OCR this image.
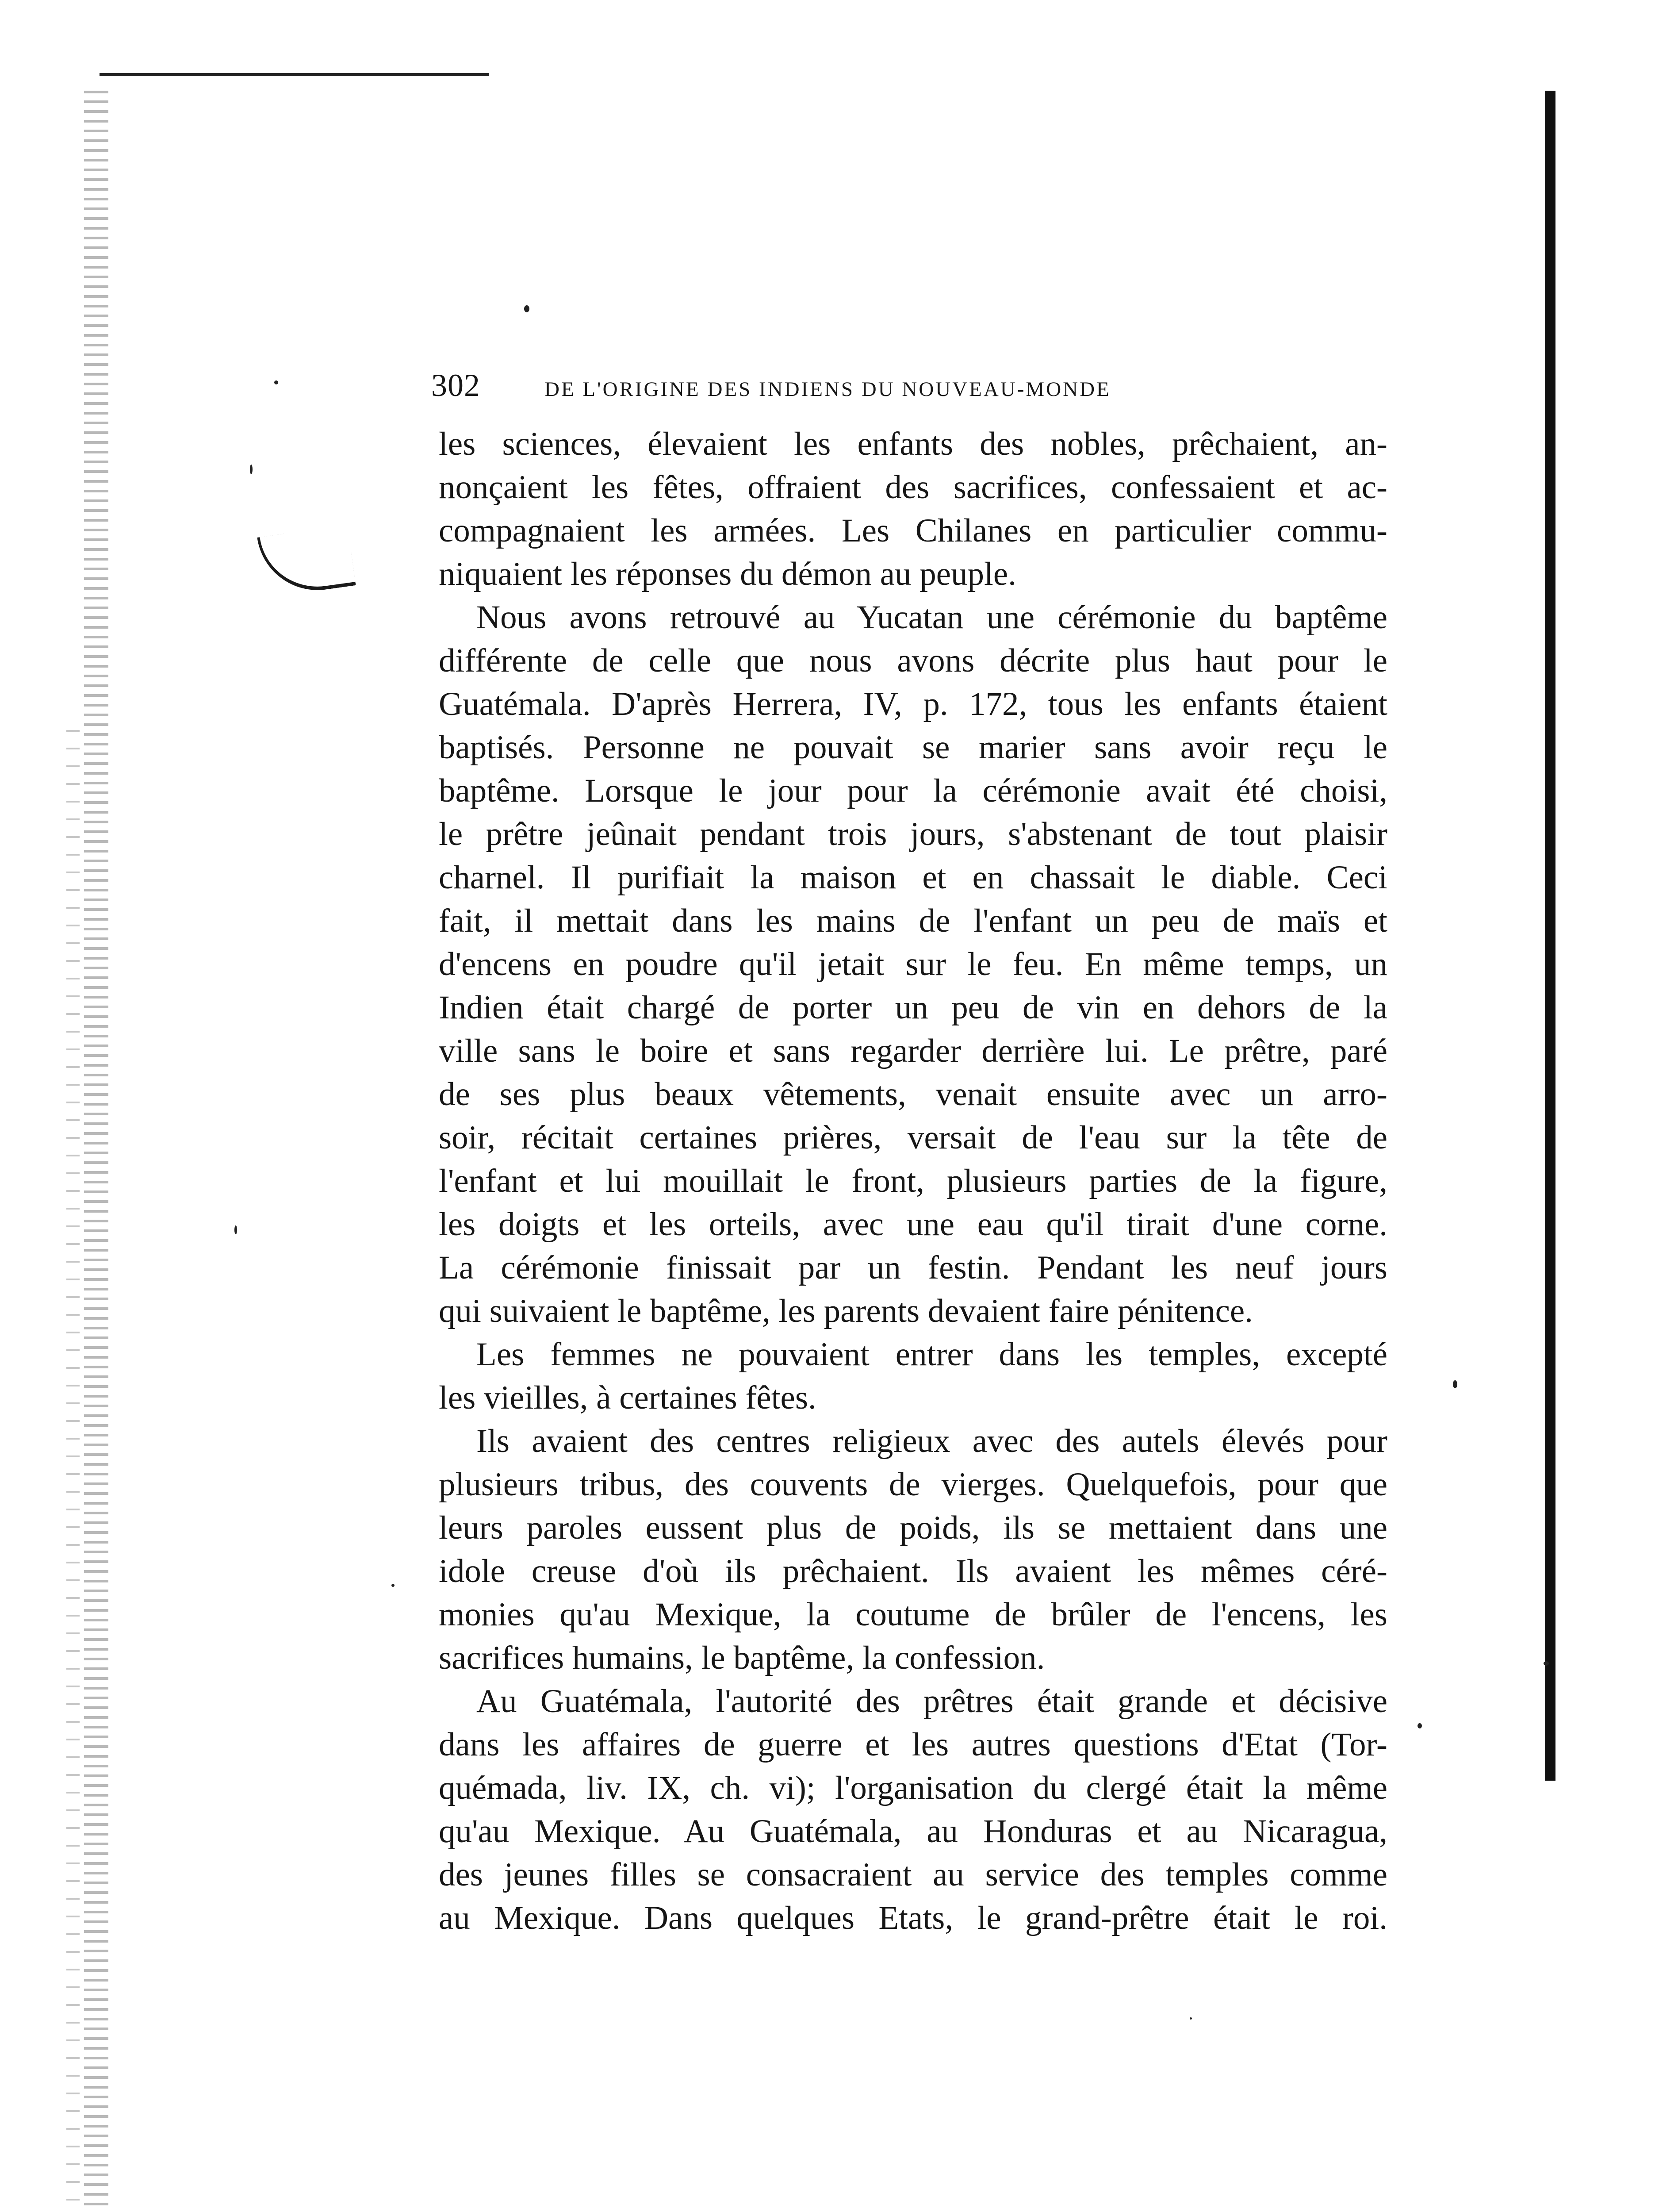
302	DE L'ORIGINE DES INDIENS DU NOUVEAU-MONDE
les sciences, élevaient les enfants des nobles, prêchaient, an-
nonçaient les fêtes, offraient des sacrifices, confessaient et ac-
compagnaient les armées. Les Chilanes en particulier commu-
niquaient les réponses du démon au peuple.
Nous avons retrouvé au Yucatan une cérémonie du baptême
différente de celle que nous avons décrite plus haut pour le
Guatémala. D'après Herrera, IV, p. 172, tous les enfants étaient
baptisés. Personne ne pouvait se marier sans avoir reçu le
baptême. Lorsque le jour pour la cérémonie avait été choisi,
le prêtre jeûnait pendant trois jours, s'abstenant de tout plaisir
charnel. Il purifiait la maison et en chassait le diable. Ceci
fait, il mettait dans les mains de l'enfant un peu de maïs et
d'encens en poudre qu'il jetait sur le feu. En même temps, un
Indien était chargé de porter un peu de vin en dehors de la
ville sans le boire et sans regarder derrière lui. Le prêtre, paré
de ses plus beaux vêtements, venait ensuite avec un arro-
soir, récitait certaines prières, versait de l'eau sur la tête de
l'enfant et lui mouillait le front, plusieurs parties de la figure,
les doigts et les orteils, avec une eau qu'il tirait d'une corne.
La cérémonie finissait par un festin. Pendant les neuf jours
qui suivaient le baptême, les parents devaient faire pénitence.
Les femmes ne pouvaient entrer dans les temples, excepté
les vieilles, à certaines fêtes.
Ils avaient des centres religieux avec des autels élevés pour
plusieurs tribus, des couvents de vierges. Quelquefois, pour que
leurs paroles eussent plus de poids, ils se mettaient dans une
idole creuse d'où ils prêchaient. Ils avaient les mêmes céré-
monies qu'au Mexique, la coutume de brûler de l'encens, les
sacrifices humains, le baptême, la confession.
Au Guatémala, l'autorité des prêtres était grande et décisive
dans les affaires de guerre et les autres questions d'Etat (Tor-
quémada, liv. IX, ch. vi); l'organisation du clergé était la même
qu'au Mexique. Au Guatémala, au Honduras et au Nicaragua,
des jeunes filles se consacraient au service des temples comme
au Mexique. Dans quelques Etats, le grand-prêtre était le roi.
